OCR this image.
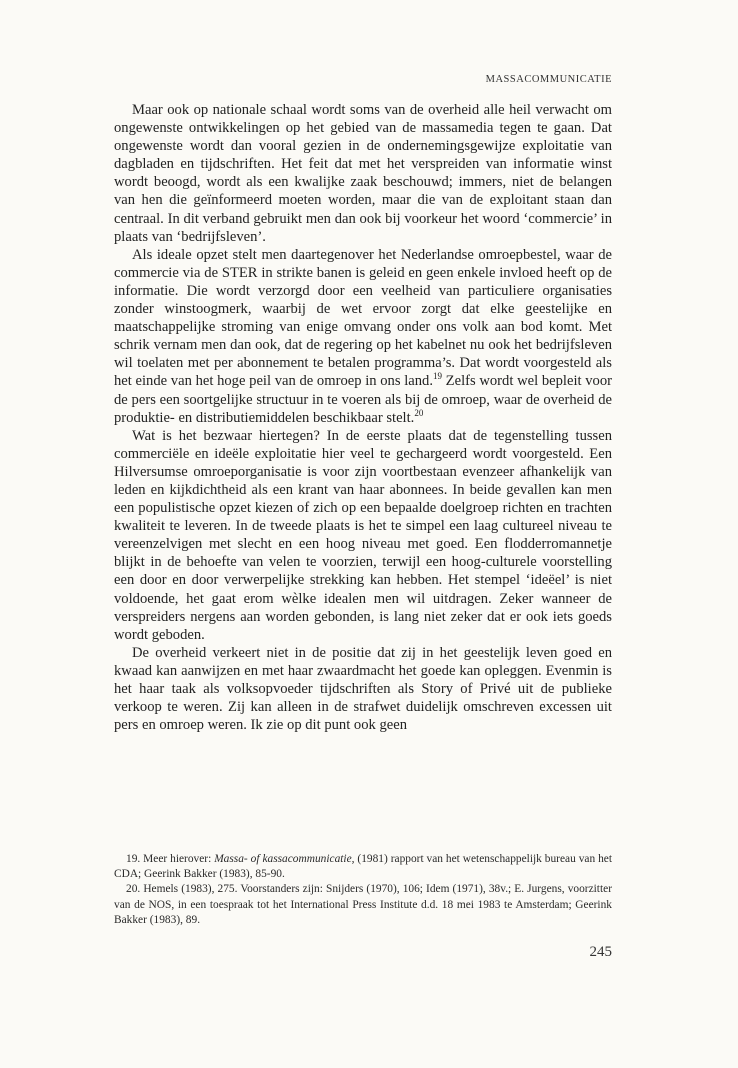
MASSACOMMUNICATIE

Maar ook op nationale schaal wordt soms van de overheid alle heil verwacht om ongewenste ontwikkelingen op het gebied van de massamedia tegen te gaan. Dat ongewenste wordt dan vooral gezien in de ondernemingsgewijze exploitatie van dagbladen en tijdschriften. Het feit dat met het verspreiden van informatie winst wordt beoogd, wordt als een kwalijke zaak beschouwd; immers, niet de belangen van hen die geïnformeerd moeten worden, maar die van de exploitant staan dan centraal. In dit verband gebruikt men dan ook bij voorkeur het woord ‘commercie’ in plaats van ‘bedrijfsleven’.

Als ideale opzet stelt men daartegenover het Nederlandse omroepbestel, waar de commercie via de STER in strikte banen is geleid en geen enkele invloed heeft op de informatie. Die wordt verzorgd door een veelheid van particuliere organisaties zonder winstoogmerk, waarbij de wet ervoor zorgt dat elke geestelijke en maatschappelijke stroming van enige omvang onder ons volk aan bod komt. Met schrik vernam men dan ook, dat de regering op het kabelnet nu ook het bedrijfsleven wil toelaten met per abonnement te betalen programma’s. Dat wordt voorgesteld als het einde van het hoge peil van de omroep in ons land.$^{19}$ Zelfs wordt wel bepleit voor de pers een soortgelijke structuur in te voeren als bij de omroep, waar de overheid de produktie- en distributiemiddelen beschikbaar stelt.$^{20}$

Wat is het bezwaar hiertegen? In de eerste plaats dat de tegenstelling tussen commerciële en ideële exploitatie hier veel te gechargeerd wordt voorgesteld. Een Hilversumse omroeporganisatie is voor zijn voortbestaan evenzeer afhankelijk van leden en kijkdichtheid als een krant van haar abonnees. In beide gevallen kan men een populistische opzet kiezen of zich op een bepaalde doelgroep richten en trachten kwaliteit te leveren. In de tweede plaats is het te simpel een laag cultureel niveau te vereenzelvigen met slecht en een hoog niveau met goed. Een flodderromannetje blijkt in de behoefte van velen te voorzien, terwijl een hoog-culturele voorstelling een door en door verwerpelijke strekking kan hebben. Het stempel ‘ideëel’ is niet voldoende, het gaat erom wèlke idealen men wil uitdragen. Zeker wanneer de verspreiders nergens aan worden gebonden, is lang niet zeker dat er ook iets goeds wordt geboden.

De overheid verkeert niet in de positie dat zij in het geestelijk leven goed en kwaad kan aanwijzen en met haar zwaardmacht het goede kan opleggen. Evenmin is het haar taak als volksopvoeder tijdschriften als Story of Privé uit de publieke verkoop te weren. Zij kan alleen in de strafwet duidelijk omschreven excessen uit pers en omroep weren. Ik zie op dit punt ook geen

19. Meer hierover: Massa- of kassacommunicatie, (1981) rapport van het wetenschappelijk bureau van het CDA; Geerink Bakker (1983), 85-90.

20. Hemels (1983), 275. Voorstanders zijn: Snijders (1970), 106; Idem (1971), 38v.; E. Jurgens, voorzitter van de NOS, in een toespraak tot het International Press Institute d.d. 18 mei 1983 te Amsterdam; Geerink Bakker (1983), 89.

245
